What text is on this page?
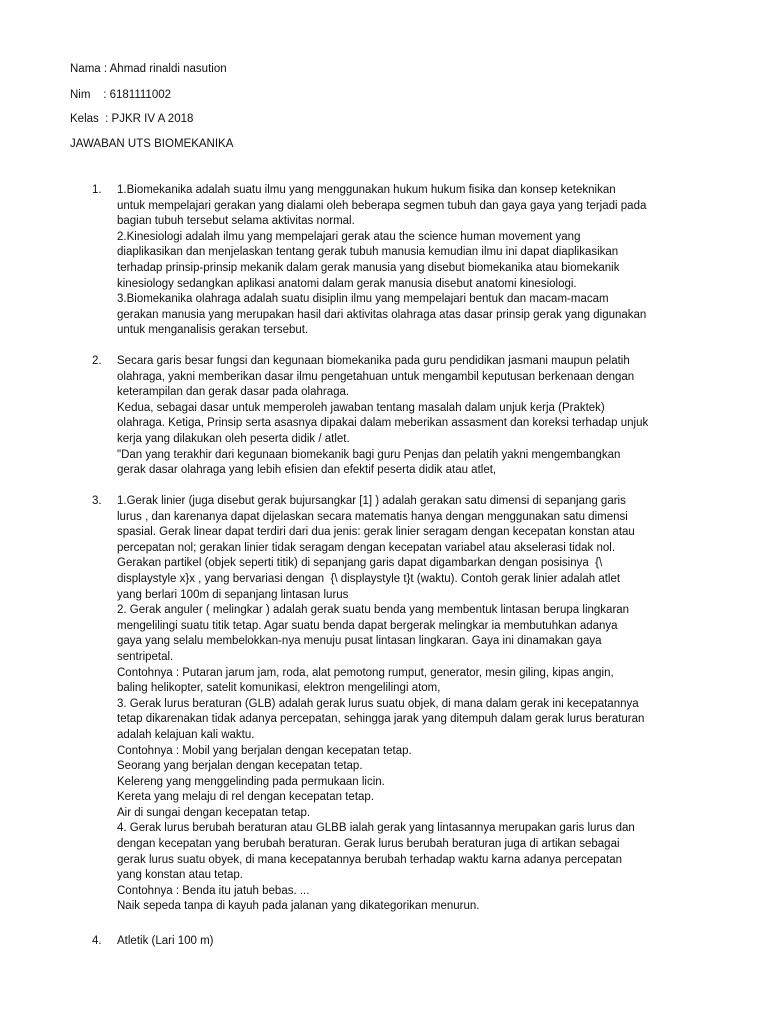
Nama : Ahmad rinaldi nasution
Nim    : 6181111002
Kelas  : PJKR IV A 2018
JAWABAN UTS BIOMEKANIKA
1. 1.Biomekanika adalah suatu ilmu yang menggunakan hukum hukum fisika dan konsep keteknikan

untuk mempelajari gerakan yang dialami oleh beberapa segmen tubuh dan gaya gaya yang terjadi pada

bagian tubuh tersebut selama aktivitas normal.

2.Kinesiologi adalah ilmu yang mempelajari gerak atau the science human movement yang

diaplikasikan dan menjelaskan tentang gerak tubuh manusia kemudian ilmu ini dapat diaplikasikan

terhadap prinsip-prinsip mekanik dalam gerak manusia yang disebut biomekanika atau biomekanik

kinesiology sedangkan aplikasi anatomi dalam gerak manusia disebut anatomi kinesiologi.

3.Biomekanika olahraga adalah suatu disiplin ilmu yang mempelajari bentuk dan macam-macam

gerakan manusia yang merupakan hasil dari aktivitas olahraga atas dasar prinsip gerak yang digunakan

untuk menganalisis gerakan tersebut.

2. Secara garis besar fungsi dan kegunaan biomekanika pada guru pendidikan jasmani maupun pelatih

olahraga, yakni memberikan dasar ilmu pengetahuan untuk mengambil keputusan berkenaan dengan

keterampilan dan gerak dasar pada olahraga.

Kedua, sebagai dasar untuk memperoleh jawaban tentang masalah dalam unjuk kerja (Praktek)

olahraga. Ketiga, Prinsip serta asasnya dipakai dalam meberikan assasment dan koreksi terhadap unjuk

kerja yang dilakukan oleh peserta didik / atlet.

"Dan yang terakhir dari kegunaan biomekanik bagi guru Penjas dan pelatih yakni mengembangkan

gerak dasar olahraga yang lebih efisien dan efektif peserta didik atau atlet,

3. 1.Gerak linier (juga disebut gerak bujursangkar [1] ) adalah gerakan satu dimensi di sepanjang garis

lurus , dan karenanya dapat dijelaskan secara matematis hanya dengan menggunakan satu dimensi

spasial. Gerak linear dapat terdiri dari dua jenis: gerak linier seragam dengan kecepatan konstan atau

percepatan nol; gerakan linier tidak seragam dengan kecepatan variabel atau akselerasi tidak nol.

Gerakan partikel (objek seperti titik) di sepanjang garis dapat digambarkan dengan posisinya  {\

displaystyle x}x , yang bervariasi dengan  {\ displaystyle t}t (waktu). Contoh gerak linier adalah atlet

yang berlari 100m di sepanjang lintasan lurus

2. Gerak anguler ( melingkar ) adalah gerak suatu benda yang membentuk lintasan berupa lingkaran

mengelilingi suatu titik tetap. Agar suatu benda dapat bergerak melingkar ia membutuhkan adanya

gaya yang selalu membelokkan-nya menuju pusat lintasan lingkaran. Gaya ini dinamakan gaya

sentripetal.

Contohnya : Putaran jarum jam, roda, alat pemotong rumput, generator, mesin giling, kipas angin,

baling helikopter, satelit komunikasi, elektron mengelilingi atom,

3. Gerak lurus beraturan (GLB) adalah gerak lurus suatu objek, di mana dalam gerak ini kecepatannya

tetap dikarenakan tidak adanya percepatan, sehingga jarak yang ditempuh dalam gerak lurus beraturan

adalah kelajuan kali waktu.

Contohnya : Mobil yang berjalan dengan kecepatan tetap.

Seorang yang berjalan dengan kecepatan tetap.

Kelereng yang menggelinding pada permukaan licin.

Kereta yang melaju di rel dengan kecepatan tetap.

Air di sungai dengan kecepatan tetap.

4. Gerak lurus berubah beraturan atau GLBB ialah gerak yang lintasannya merupakan garis lurus dan

dengan kecepatan yang berubah beraturan. Gerak lurus berubah beraturan juga di artikan sebagai

gerak lurus suatu obyek, di mana kecepatannya berubah terhadap waktu karna adanya percepatan

yang konstan atau tetap.

Contohnya : Benda itu jatuh bebas. ...

Naik sepeda tanpa di kayuh pada jalanan yang dikategorikan menurun.

4. Atletik (Lari 100 m)
